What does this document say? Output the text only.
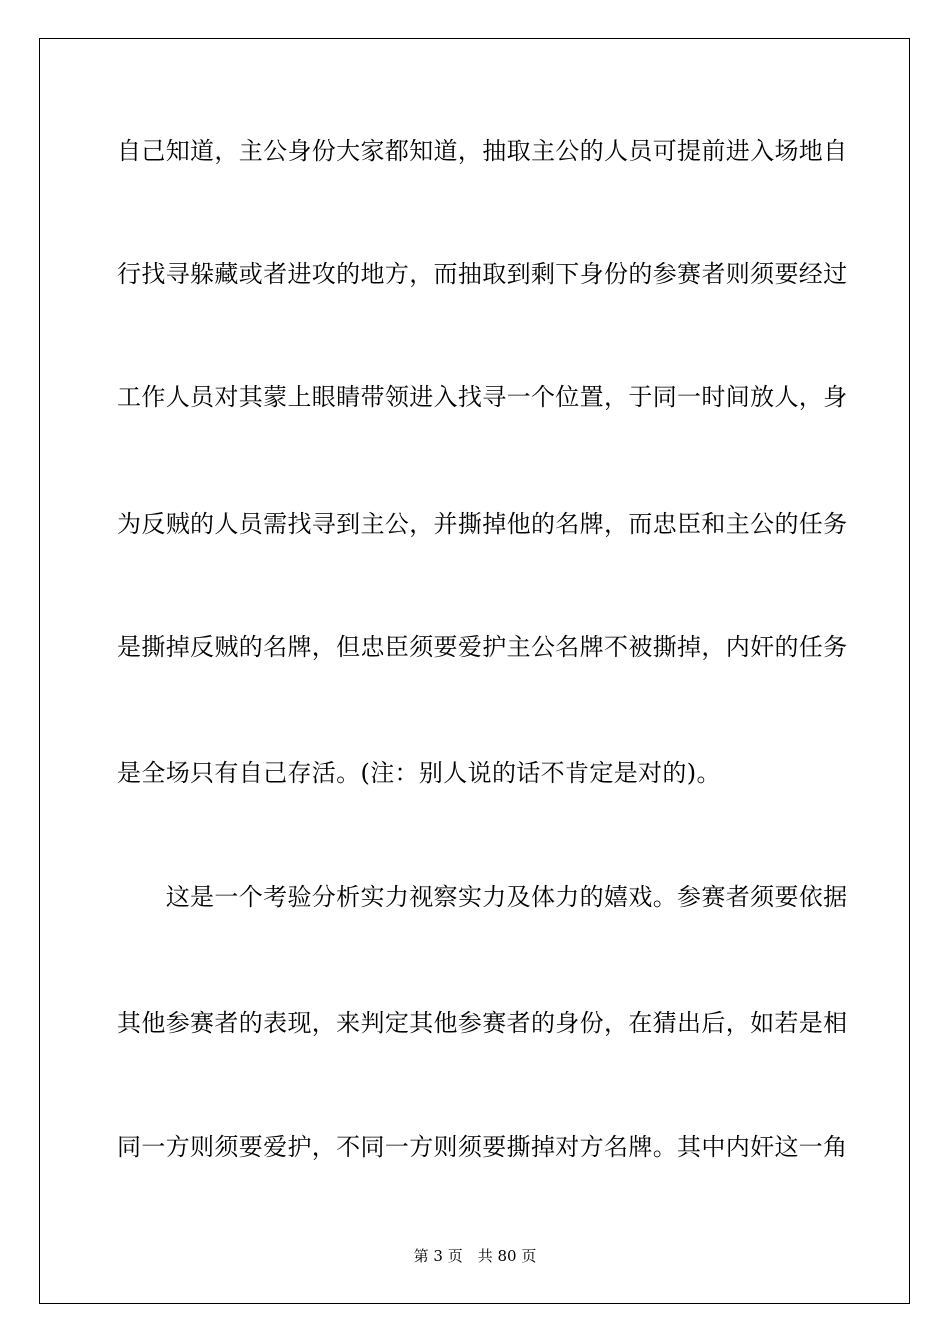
自己知道，主公身份大家都知道，抽取主公的人员可提前进入场地自
行找寻躲藏或者进攻的地方，而抽取到剩下身份的参赛者则须要经过
工作人员对其蒙上眼睛带领进入找寻一个位置，于同一时间放人，身
为反贼的人员需找寻到主公，并撕掉他的名牌，而忠臣和主公的任务
是撕掉反贼的名牌，但忠臣须要爱护主公名牌不被撕掉，内奸的任务
是全场只有自己存活。(注：别人说的话不肯定是对的)。
　　这是一个考验分析实力视察实力及体力的嬉戏。参赛者须要依据
其他参赛者的表现，来判定其他参赛者的身份，在猜出后，如若是相
同一方则须要爱护，不同一方则须要撕掉对方名牌。其中内奸这一角
第 3 页　共 80 页
